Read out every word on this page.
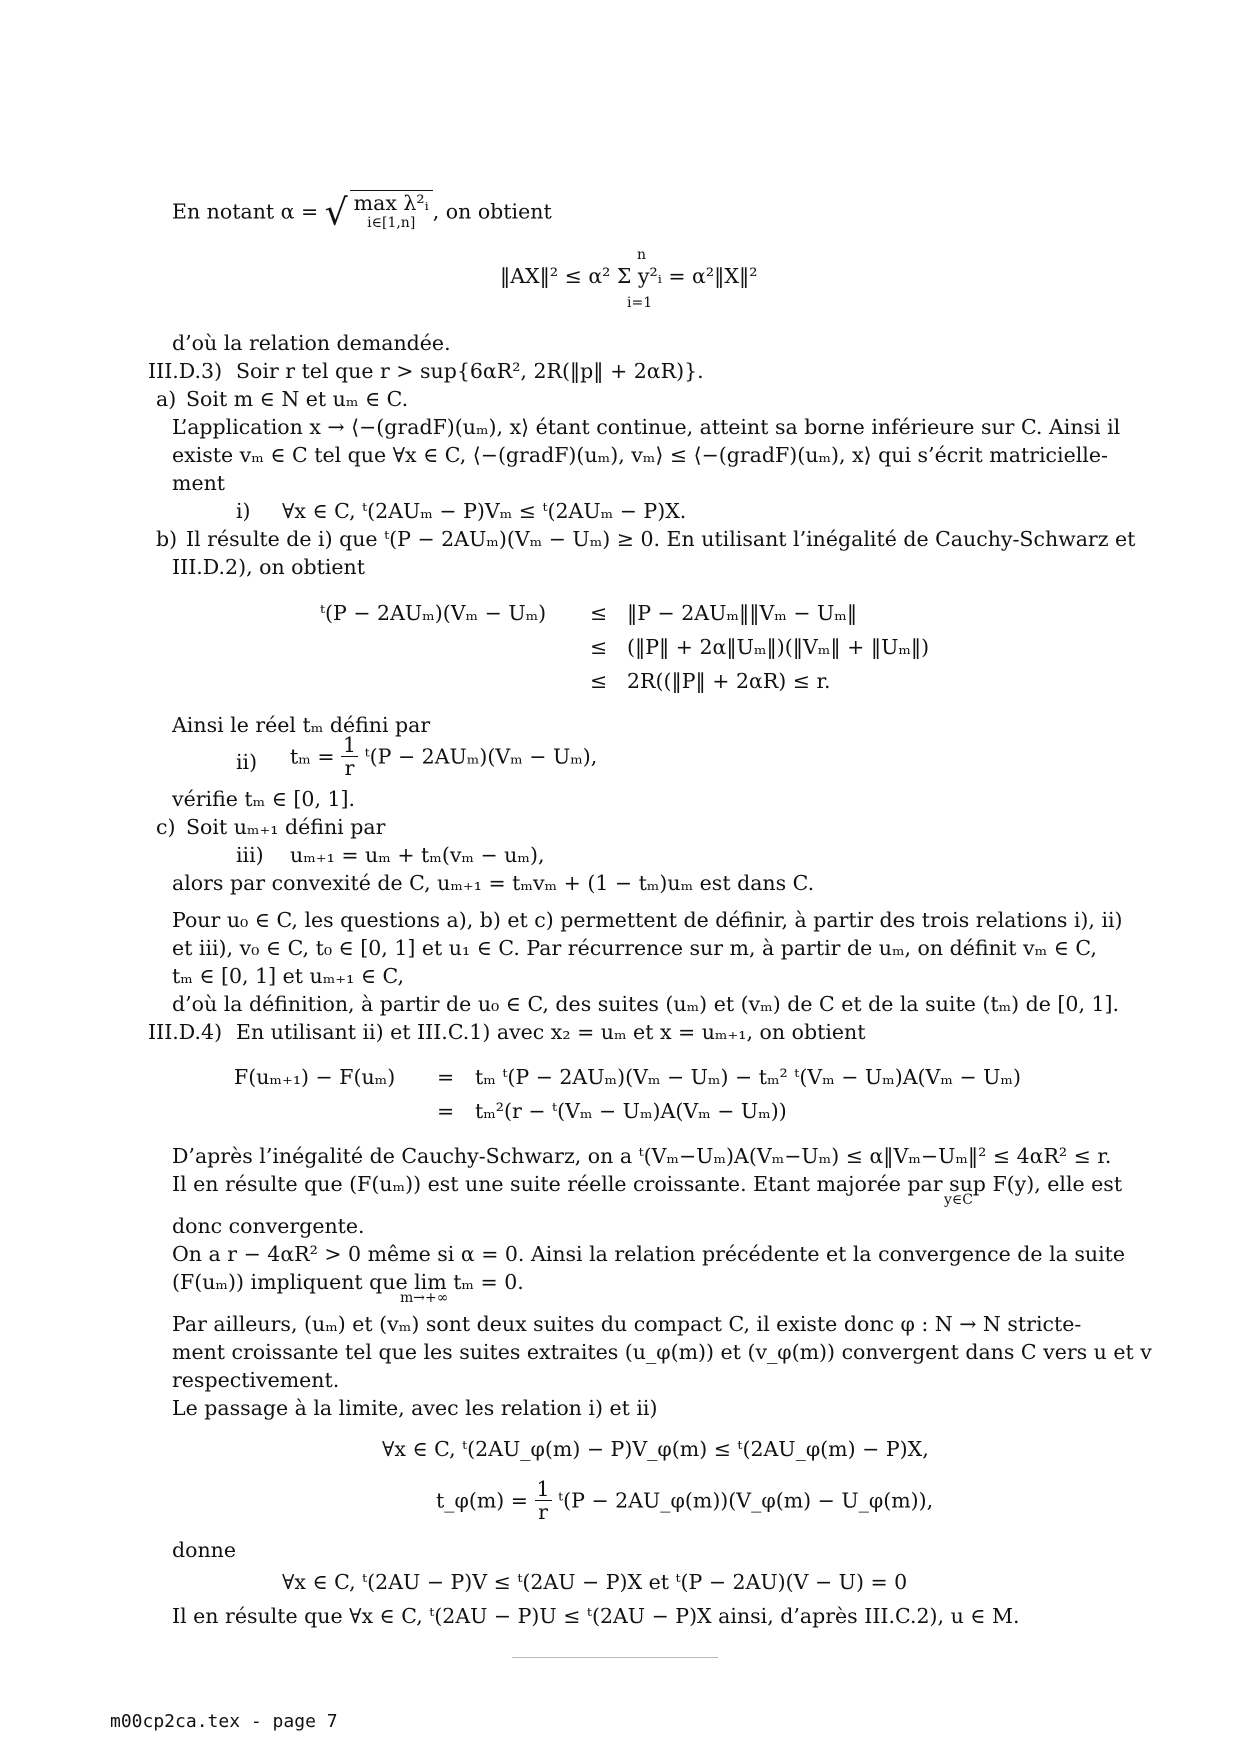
En notant α = √ max λ²ᵢ
i∈[1,n] , on obtient
‖AX‖² ≤ α² Σ y²ᵢ = α²‖X‖²
n
i=1
d’où la relation demandée.
III.D.3) Soir r tel que r > sup{6αR², 2R(‖p‖ + 2αR)}.
a) Soit m ∈ N et uₘ ∈ C.
L’application x → ⟨−(gradF)(uₘ), x⟩ étant continue, atteint sa borne inférieure sur C. Ainsi il
existe vₘ ∈ C tel que ∀x ∈ C, ⟨−(gradF)(uₘ), vₘ⟩ ≤ ⟨−(gradF)(uₘ), x⟩ qui s’écrit matricielle-
ment
i) ∀x ∈ C, ᵗ(2AUₘ − P)Vₘ ≤ ᵗ(2AUₘ − P)X.
b) Il résulte de i) que ᵗ(P − 2AUₘ)(Vₘ − Uₘ) ≥ 0. En utilisant l’inégalité de Cauchy-Schwarz et
III.D.2), on obtient
ᵗ(P − 2AUₘ)(Vₘ − Uₘ) ≤
≤
≤
‖P − 2AUₘ‖‖Vₘ − Uₘ‖
(‖P‖ + 2α‖Uₘ‖)(‖Vₘ‖ + ‖Uₘ‖)
2R((‖P‖ + 2αR) ≤ r.
Ainsi le réel tₘ défini par
ii) $t_m = \frac{1}{r}$ ᵗ(P − 2AUₘ)(Vₘ − Uₘ),
vérifie tₘ ∈ [0, 1].
c) Soit uₘ₊₁ défini par
iii) uₘ₊₁ = uₘ + tₘ(vₘ − uₘ),
alors par convexité de C, uₘ₊₁ = tₘvₘ + (1 − tₘ)uₘ est dans C.
Pour u₀ ∈ C, les questions a), b) et c) permettent de définir, à partir des trois relations i), ii)
et iii), v₀ ∈ C, t₀ ∈ [0, 1] et u₁ ∈ C. Par récurrence sur m, à partir de uₘ, on définit vₘ ∈ C,
tₘ ∈ [0, 1] et uₘ₊₁ ∈ C,
d’où la définition, à partir de u₀ ∈ C, des suites (uₘ) et (vₘ) de C et de la suite (tₘ) de [0, 1].
III.D.4) En utilisant ii) et III.C.1) avec x₂ = uₘ et x = uₘ₊₁, on obtient
F(uₘ₊₁) − F(uₘ) =
=
tₘ ᵗ(P − 2AUₘ)(Vₘ − Uₘ) − tₘ² ᵗ(Vₘ − Uₘ)A(Vₘ − Uₘ)
tₘ²(r − ᵗ(Vₘ − Uₘ)A(Vₘ − Uₘ))
D’après l’inégalité de Cauchy-Schwarz, on a ᵗ(Vₘ−Uₘ)A(Vₘ−Uₘ) ≤ α‖Vₘ−Uₘ‖² ≤ 4αR² ≤ r.
Il en résulte que (F(uₘ)) est une suite réelle croissante. Etant majorée par sup F(y), elle est
y∈C
donc convergente.
On a r − 4αR² > 0 même si α = 0. Ainsi la relation précédente et la convergence de la suite
(F(uₘ)) impliquent que lim tₘ = 0.
m→+∞
Par ailleurs, (uₘ) et (vₘ) sont deux suites du compact C, il existe donc φ : N → N stricte-
ment croissante tel que les suites extraites (u_φ(m)) et (v_φ(m)) convergent dans C vers u et v
respectivement.
Le passage à la limite, avec les relation i) et ii)
∀x ∈ C, ᵗ(2AU_φ(m) − P)V_φ(m) ≤ ᵗ(2AU_φ(m) − P)X,
t_φ(m) = $\frac{1}{r}$ ᵗ(P − 2AU_φ(m))(V_φ(m) − U_φ(m)),
donne
∀x ∈ C, ᵗ(2AU − P)V ≤ ᵗ(2AU − P)X et ᵗ(P − 2AU)(V − U) = 0
Il en résulte que ∀x ∈ C, ᵗ(2AU − P)U ≤ ᵗ(2AU − P)X ainsi, d’après III.C.2), u ∈ M.
m00cp2ca.tex - page 7
